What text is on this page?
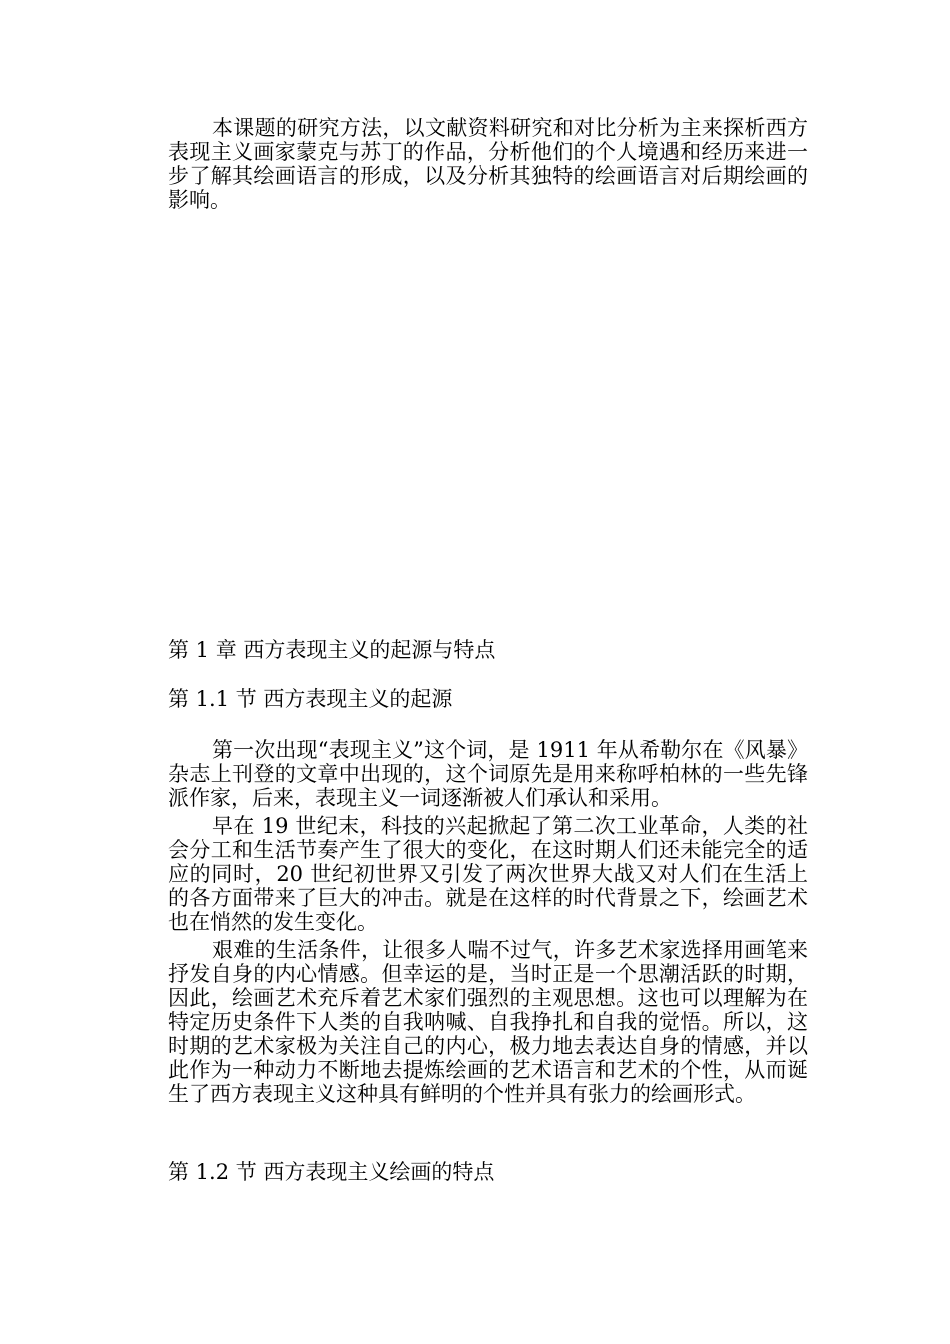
本课题的研究方法，以文献资料研究和对比分析为主来探析西方表现主义画家蒙克与苏丁的作品，分析他们的个人境遇和经历来进一步了解其绘画语言的形成，以及分析其独特的绘画语言对后期绘画的影响。

第 1 章 西方表现主义的起源与特点
第 1.1 节 西方表现主义的起源

第一次出现“表现主义”这个词，是 1911 年从希勒尔在《风暴》杂志上刊登的文章中出现的，这个词原先是用来称呼柏林的一些先锋派作家，后来，表现主义一词逐渐被人们承认和采用。

早在 19 世纪末，科技的兴起掀起了第二次工业革命，人类的社会分工和生活节奏产生了很大的变化，在这时期人们还未能完全的适应的同时，20 世纪初世界又引发了两次世界大战又对人们在生活上的各方面带来了巨大的冲击。就是在这样的时代背景之下，绘画艺术也在悄然的发生变化。

艰难的生活条件，让很多人喘不过气，许多艺术家选择用画笔来抒发自身的内心情感。但幸运的是，当时正是一个思潮活跃的时期，因此，绘画艺术充斥着艺术家们强烈的主观思想。这也可以理解为在特定历史条件下人类的自我呐喊、自我挣扎和自我的觉悟。所以，这时期的艺术家极为关注自己的内心，极力地去表达自身的情感，并以此作为一种动力不断地去提炼绘画的艺术语言和艺术的个性，从而诞生了西方表现主义这种具有鲜明的个性并具有张力的绘画形式。

第 1.2 节 西方表现主义绘画的特点
